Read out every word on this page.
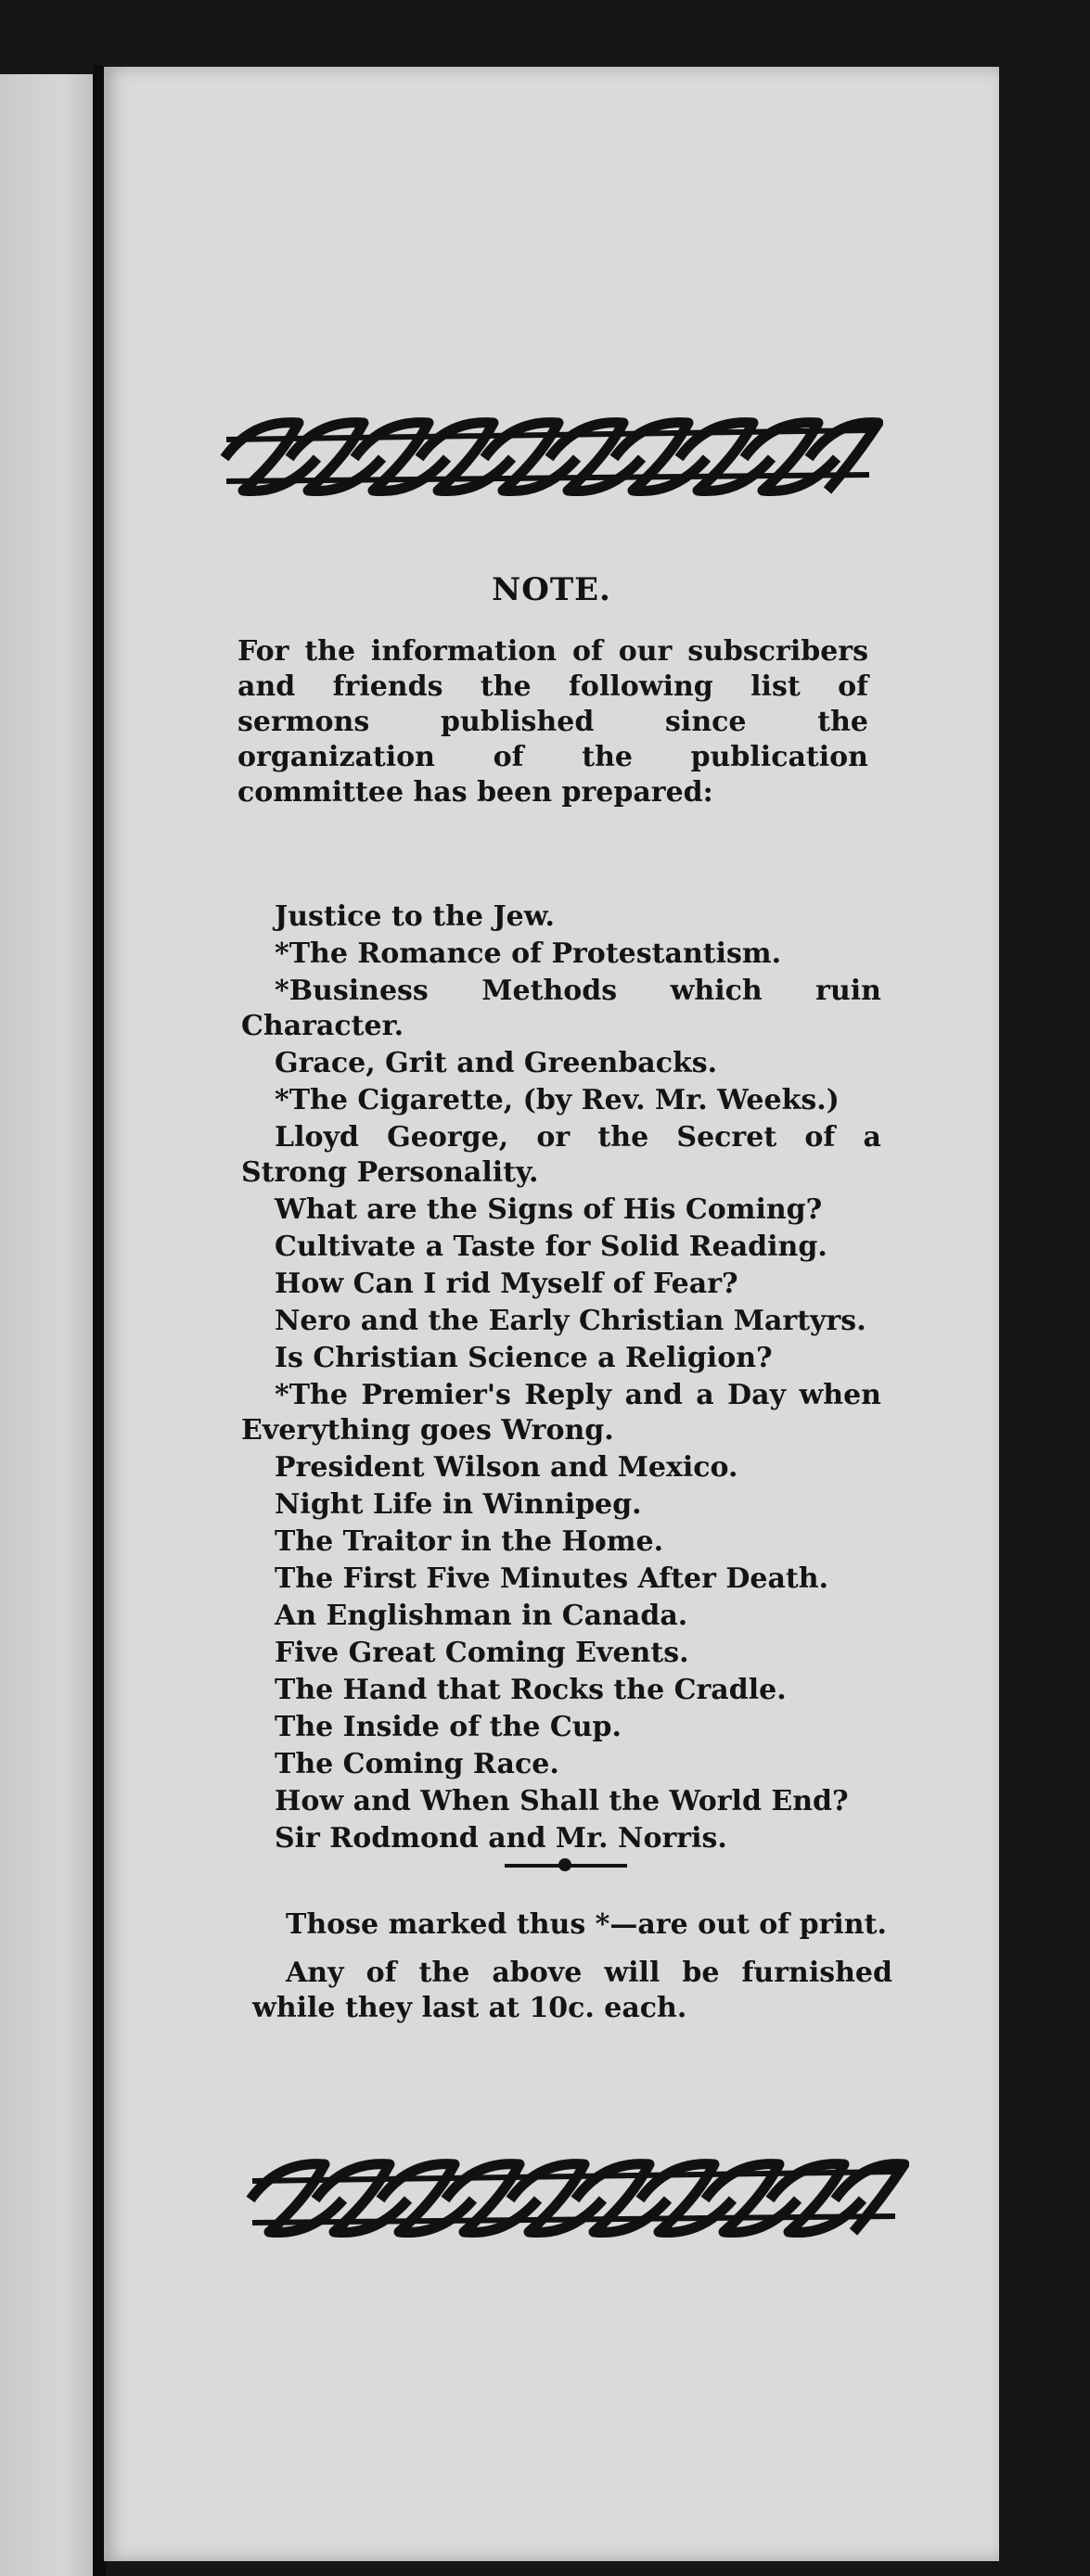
NOTE.
For the information of our subscribers and friends the following list of sermons published since the organization of the publication committee has been prepared:
Justice to the Jew.
*The Romance of Protestantism.
*Business Methods which ruin Character.
Grace, Grit and Greenbacks.
*The Cigarette, (by Rev. Mr. Weeks.)
Lloyd George, or the Secret of a Strong Personality.
What are the Signs of His Coming?
Cultivate a Taste for Solid Reading.
How Can I rid Myself of Fear?
Nero and the Early Christian Martyrs.
Is Christian Science a Religion?
*The Premier's Reply and a Day when Everything goes Wrong.
President Wilson and Mexico.
Night Life in Winnipeg.
The Traitor in the Home.
The First Five Minutes After Death.
An Englishman in Canada.
Five Great Coming Events.
The Hand that Rocks the Cradle.
The Inside of the Cup.
The Coming Race.
How and When Shall the World End?
Sir Rodmond and Mr. Norris.

Those marked thus *—are out of print.

Any of the above will be furnished while they last at 10c. each.
